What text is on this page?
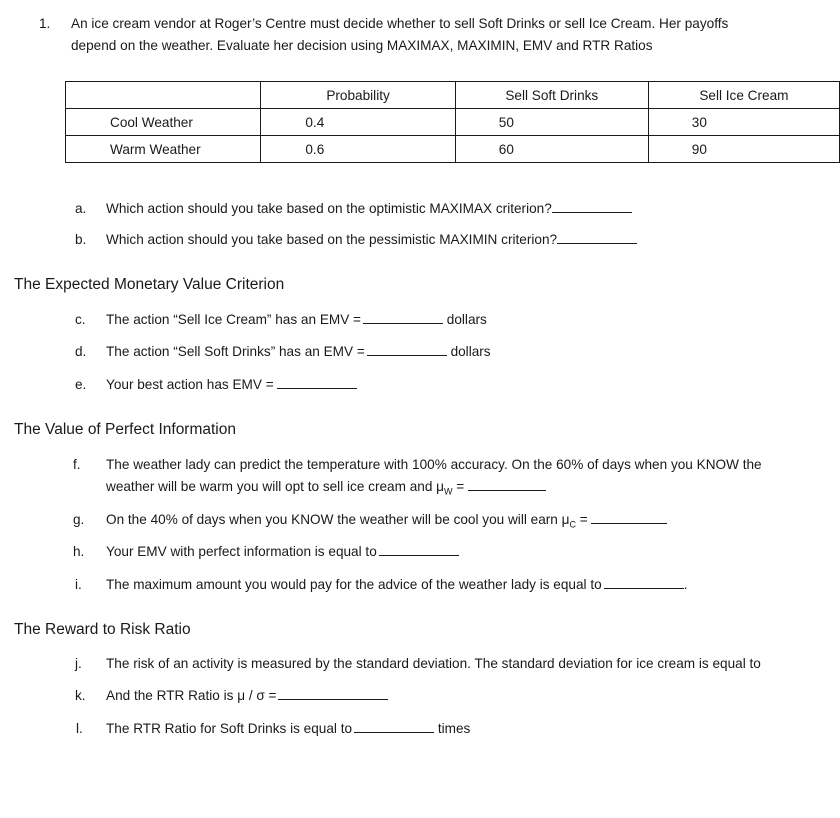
1. An ice cream vendor at Roger’s Centre must decide whether to sell Soft Drinks or sell Ice Cream. Her payoffs
depend on the weather. Evaluate her decision using MAXIMAX, MAXIMIN, EMV and RTR Ratios
	Probability	Sell Soft Drinks	Sell Ice Cream
Cool Weather	0.4	50	30
Warm Weather	0.6	60	90
a. Which action should you take based on the optimistic MAXIMAX criterion?
b. Which action should you take based on the pessimistic MAXIMIN criterion?
The Expected Monetary Value Criterion
c. The action “Sell Ice Cream” has an EMV =	dollars
d. The action “Sell Soft Drinks” has an EMV =	dollars
e. Your best action has EMV =
The Value of Perfect Information
f. The weather lady can predict the temperature with 100% accuracy. On the 60% of days when you KNOW the
weather will be warm you will opt to sell ice cream and $\mu_W$ =
g. On the 40% of days when you KNOW the weather will be cool you will earn $\mu_C$ =
h. Your EMV with perfect information is equal to
i. The maximum amount you would pay for the advice of the weather lady is equal to	.
The Reward to Risk Ratio
j. The risk of an activity is measured by the standard deviation. The standard deviation for ice cream is equal to
k. And the RTR Ratio is μ / σ =
l. The RTR Ratio for Soft Drinks is equal to	times
